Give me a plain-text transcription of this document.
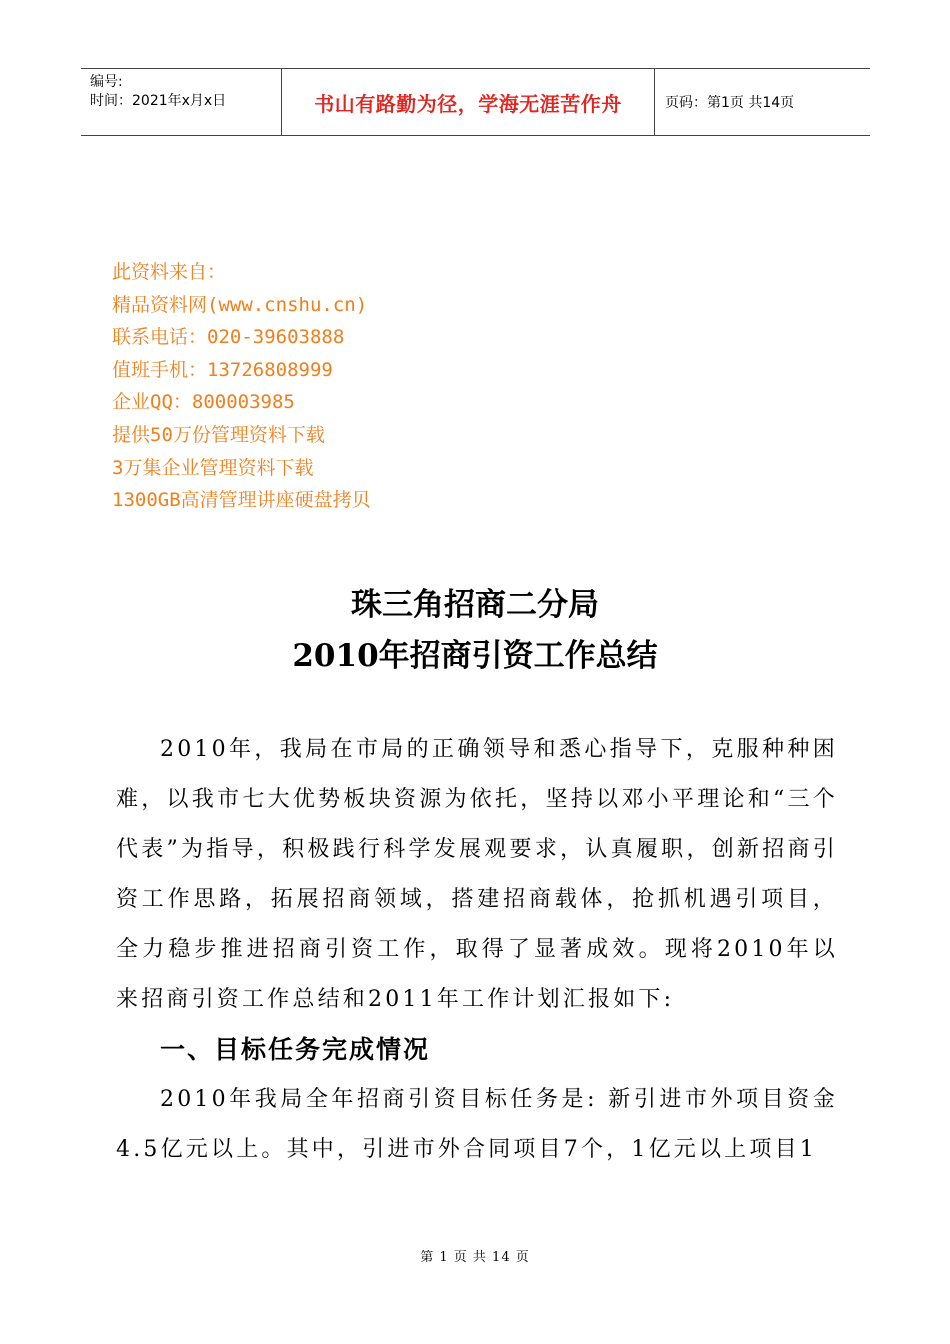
编号:
时间：2021年x月x日	书山有路勤为径，学海无涯苦作舟	页码：第1页 共14页
此资料来自：
精品资料网(www.cnshu.cn)
联系电话：020-39603888
值班手机：13726808999
企业QQ：800003985
提供50万份管理资料下载
3万集企业管理资料下载
1300GB高清管理讲座硬盘拷贝
珠三角招商二分局
2010年招商引资工作总结

2010年，我局在市局的正确领导和悉心指导下，克服种种困难，以我市七大优势板块资源为依托，坚持以邓小平理论和“三个代表”为指导，积极践行科学发展观要求，认真履职，创新招商引资工作思路，拓展招商领域，搭建招商载体，抢抓机遇引项目，全力稳步推进招商引资工作，取得了显著成效。现将2010年以来招商引资工作总结和2011年工作计划汇报如下:

一、目标任务完成情况

2010年我局全年招商引资目标任务是: 新引进市外项目资金4.5亿元以上。其中，引进市外合同项目7个，1亿元以上项目1

第 1 页 共 14 页
